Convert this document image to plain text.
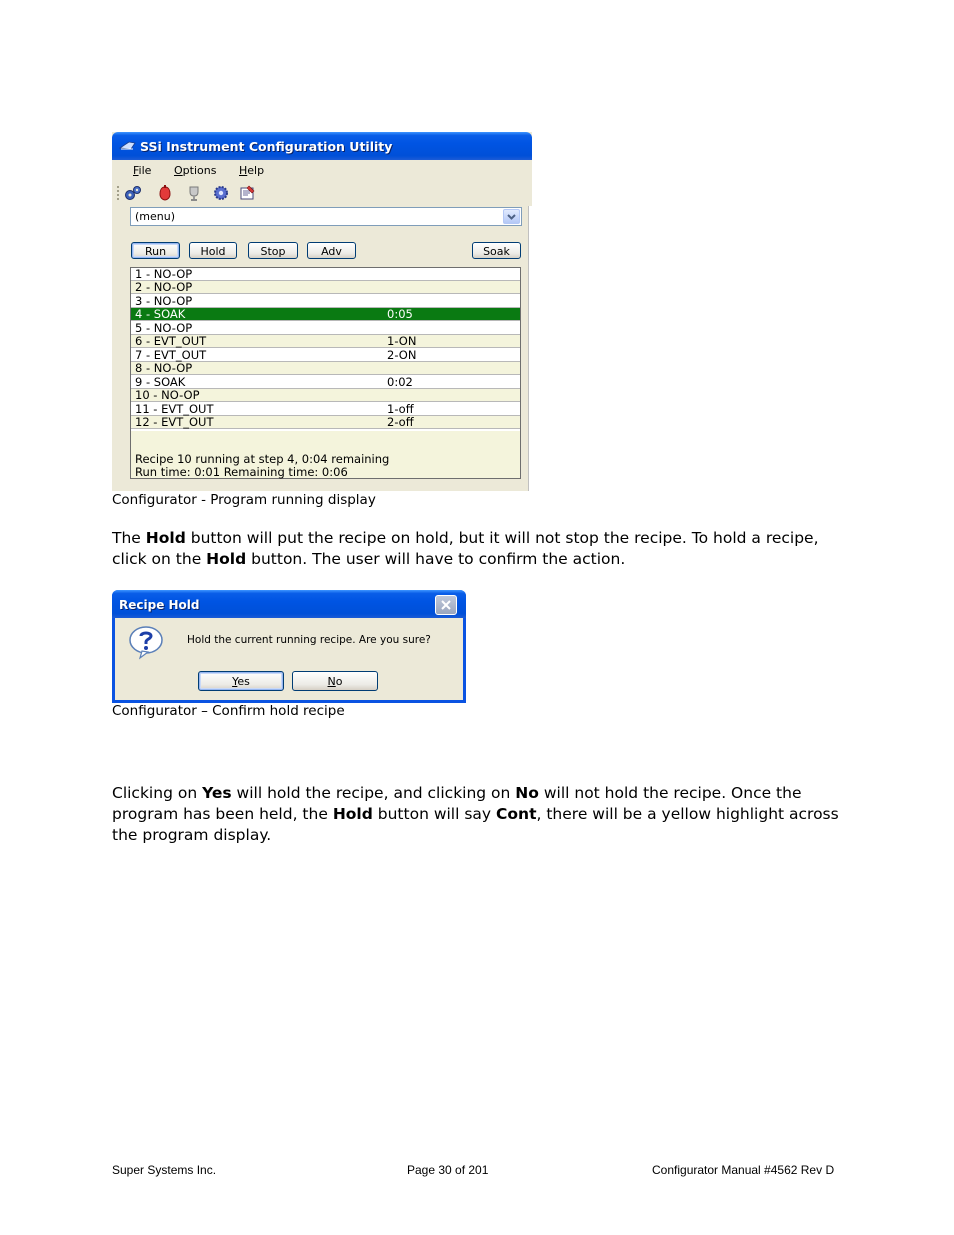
SSi Instrument Configuration Utility
File Options Help
(menu)
Run	Hold	Stop	Adv	Soak
1 - NO-OP
2 - NO-OP
3 - NO-OP
4 - SOAK	0:05
5 - NO-OP
6 - EVT_OUT	1-ON
7 - EVT_OUT	2-ON
8 - NO-OP
9 - SOAK	0:02
10 - NO-OP
11 - EVT_OUT	1-off
12 - EVT_OUT	2-off
Recipe 10 running at step 4, 0:04 remaining
Run time: 0:01 Remaining time: 0:06
Configurator - Program running display
The Hold button will put the recipe on hold, but it will not stop the recipe. To hold a recipe,
click on the Hold button. The user will have to confirm the action.
Recipe Hold
Hold the current running recipe. Are you sure?
Yes	No
Configurator – Confirm hold recipe
Clicking on Yes will hold the recipe, and clicking on No will not hold the recipe. Once the
program has been held, the Hold button will say Cont, there will be a yellow highlight across
the program display.
Super Systems Inc.	Page 30 of 201	Configurator Manual #4562 Rev D
